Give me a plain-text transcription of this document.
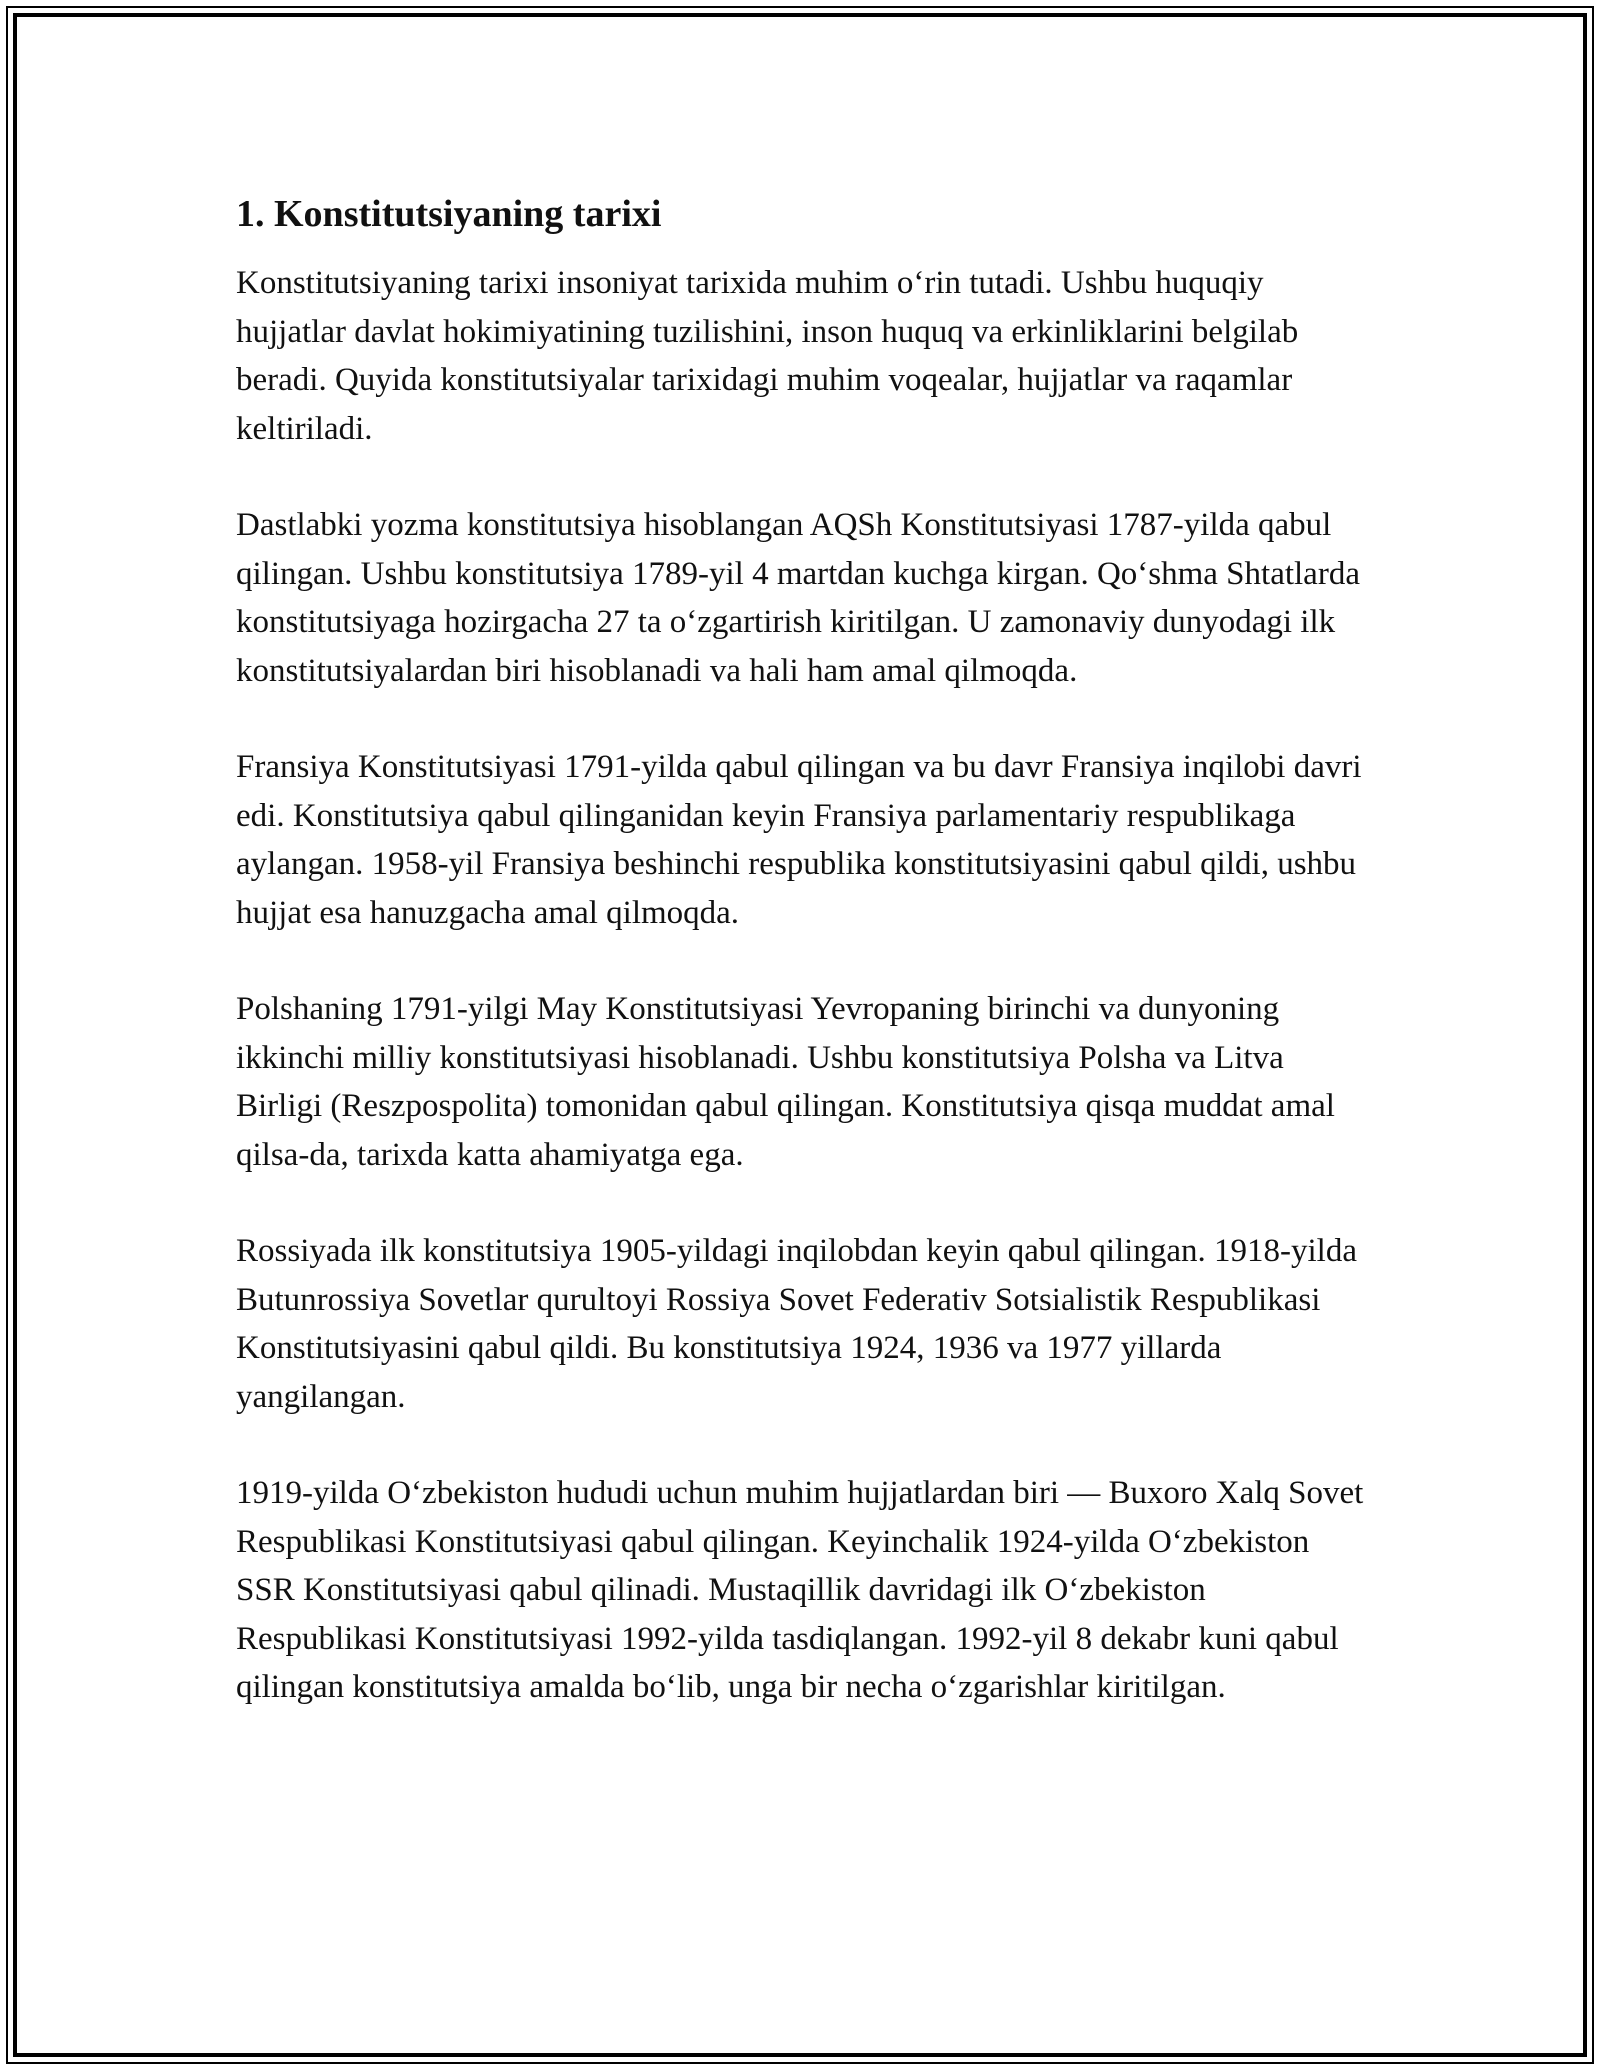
1. Konstitutsiyaning tarixi

Konstitutsiyaning tarixi insoniyat tarixida muhim o‘rin tutadi. Ushbu huquqiy hujjatlar davlat hokimiyatining tuzilishini, inson huquq va erkinliklarini belgilab beradi. Quyida konstitutsiyalar tarixidagi muhim voqealar, hujjatlar va raqamlar keltiriladi.

Dastlabki yozma konstitutsiya hisoblangan AQSh Konstitutsiyasi 1787-yilda qabul qilingan. Ushbu konstitutsiya 1789-yil 4 martdan kuchga kirgan. Qo‘shma Shtatlarda konstitutsiyaga hozirgacha 27 ta o‘zgartirish kiritilgan. U zamonaviy dunyodagi ilk konstitutsiyalardan biri hisoblanadi va hali ham amal qilmoqda.

Fransiya Konstitutsiyasi 1791-yilda qabul qilingan va bu davr Fransiya inqilobi davri edi. Konstitutsiya qabul qilinganidan keyin Fransiya parlamentariy respublikaga aylangan. 1958-yil Fransiya beshinchi respublika konstitutsiyasini qabul qildi, ushbu hujjat esa hanuzgacha amal qilmoqda.

Polshaning 1791-yilgi May Konstitutsiyasi Yevropaning birinchi va dunyoning ikkinchi milliy konstitutsiyasi hisoblanadi. Ushbu konstitutsiya Polsha va Litva Birligi (Reszpospolita) tomonidan qabul qilingan. Konstitutsiya qisqa muddat amal qilsa-da, tarixda katta ahamiyatga ega.

Rossiyada ilk konstitutsiya 1905-yildagi inqilobdan keyin qabul qilingan. 1918-yilda Butunrossiya Sovetlar qurultoyi Rossiya Sovet Federativ Sotsialistik Respublikasi Konstitutsiyasini qabul qildi. Bu konstitutsiya 1924, 1936 va 1977 yillarda yangilangan.

1919-yilda O‘zbekiston hududi uchun muhim hujjatlardan biri — Buxoro Xalq Sovet Respublikasi Konstitutsiyasi qabul qilingan. Keyinchalik 1924-yilda O‘zbekiston SSR Konstitutsiyasi qabul qilinadi. Mustaqillik davridagi ilk O‘zbekiston Respublikasi Konstitutsiyasi 1992-yilda tasdiqlangan. 1992-yil 8 dekabr kuni qabul qilingan konstitutsiya amalda bo‘lib, unga bir necha o‘zgarishlar kiritilgan.
